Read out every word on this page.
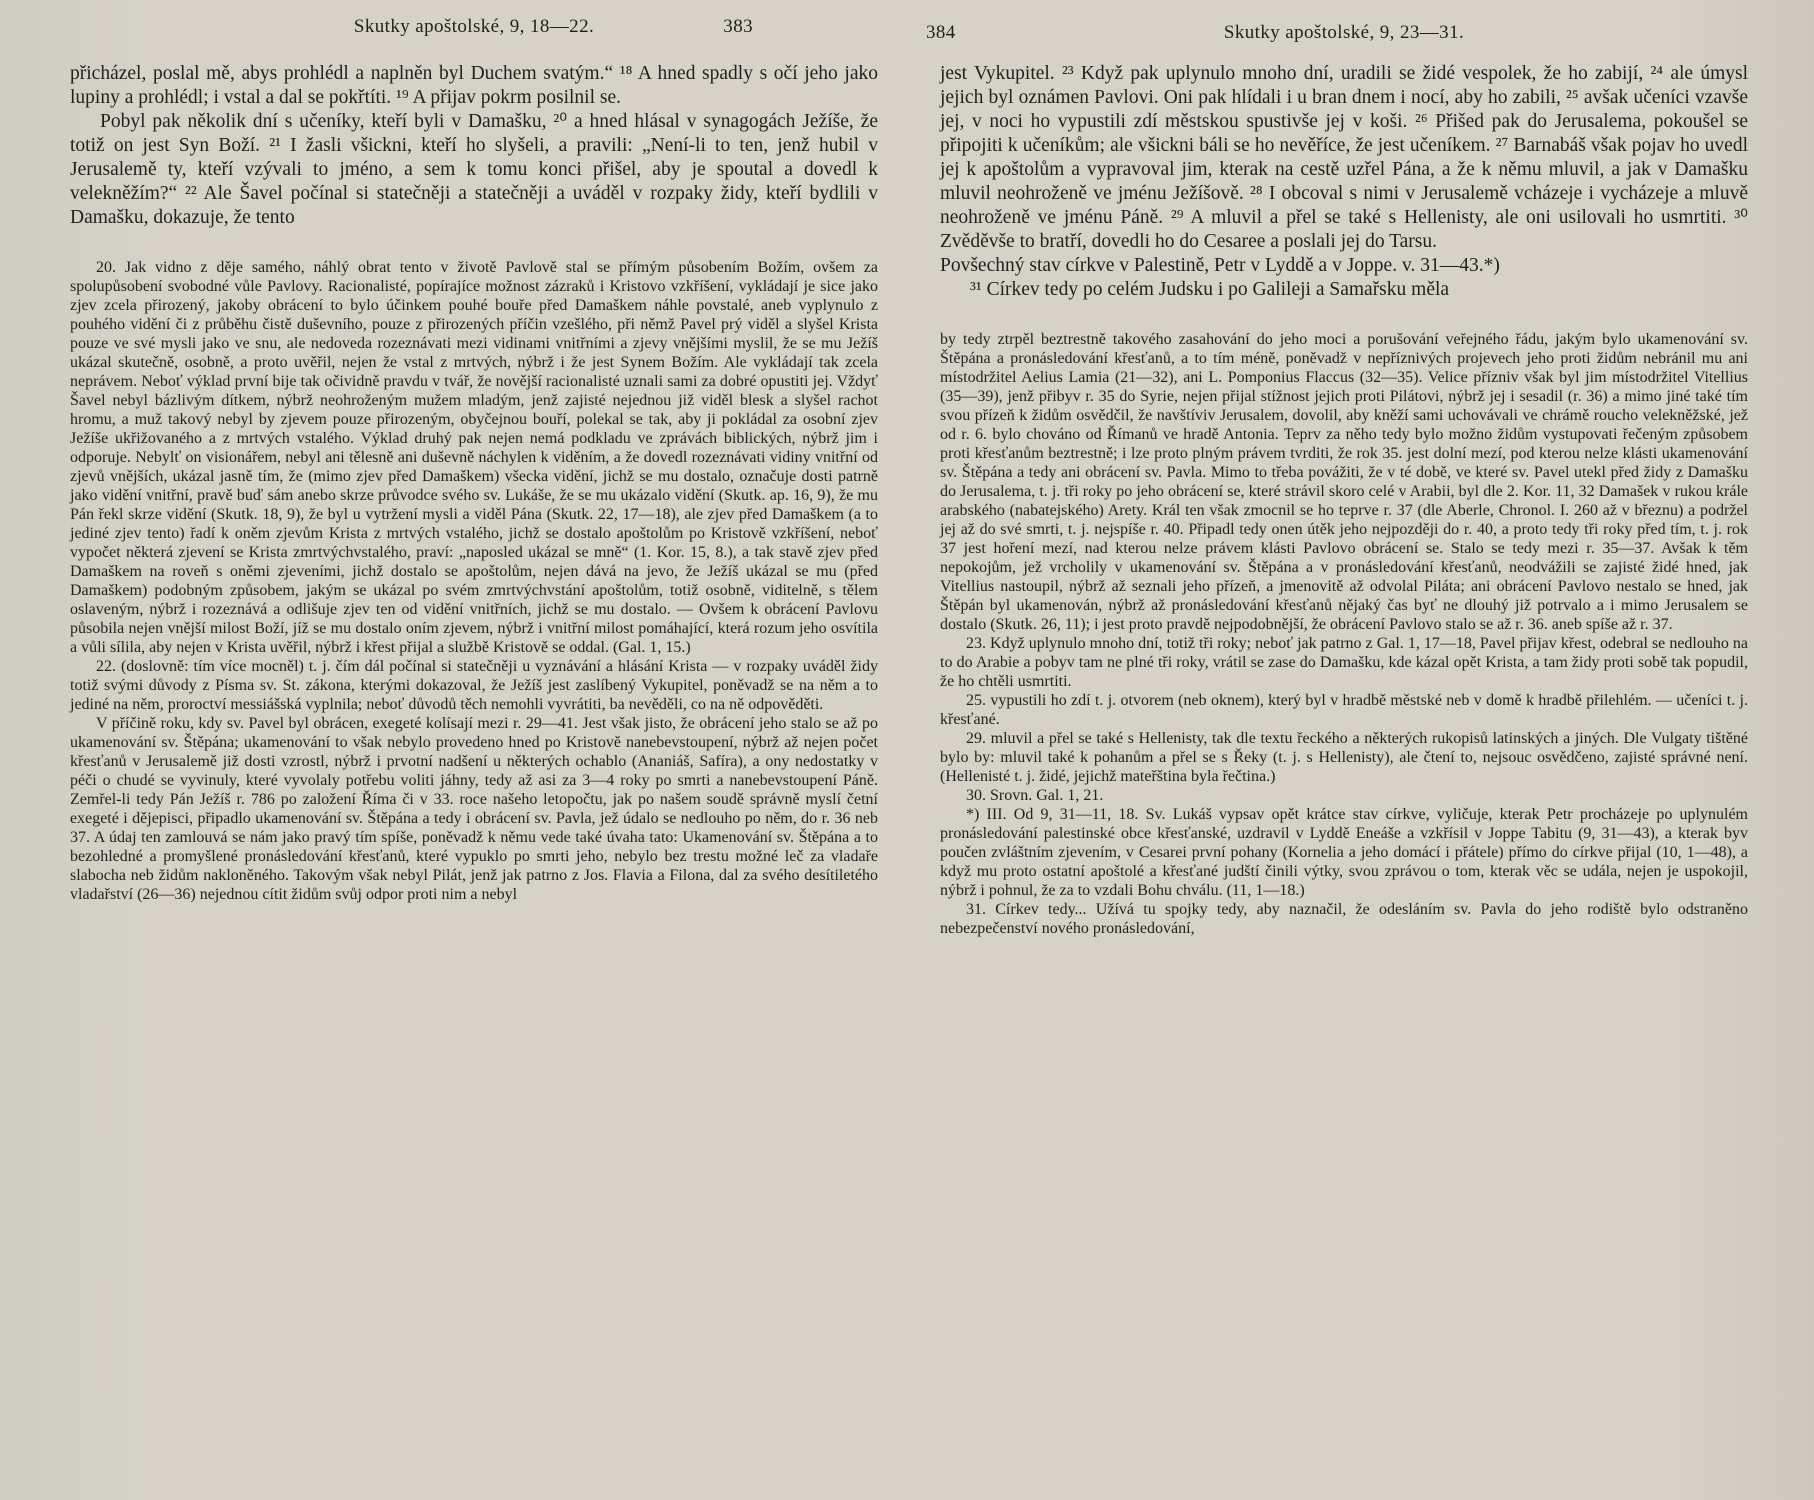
Skutky apoštolské, 9, 18—22.	383

přicházel, poslal mě, abys prohlédl a naplněn byl Duchem svatým.“ ¹⁸ A hned spadly s očí jeho jako lupiny a prohlédl; i vstal a dal se pokřtíti. ¹⁹ A přijav pokrm posilnil se.

Pobyl pak několik dní s učeníky, kteří byli v Damašku, ²⁰ a hned hlásal v synagogách Ježíše, že totiž on jest Syn Boží. ²¹ I žasli všickni, kteří ho slyšeli, a pravili: „Není-li to ten, jenž hubil v Jerusalemě ty, kteří vzývali to jméno, a sem k tomu konci přišel, aby je spoutal a dovedl k velekněžím?“ ²² Ale Šavel počínal si statečněji a statečněji a uváděl v rozpaky židy, kteří bydlili v Damašku, dokazuje, že tento

20. Jak vidno z děje samého, náhlý obrat tento v životě Pavlově stal se přímým působením Božím, ovšem za spolupůsobení svobodné vůle Pavlovy. Racionalisté, popírajíce možnost zázraků i Kristovo vzkříšení, vykládají je sice jako zjev zcela přirozený, jakoby obrácení to bylo účinkem pouhé bouře před Damaškem náhle povstalé, aneb vyplynulo z pouhého vidění či z průběhu čistě duševního, pouze z přirozených příčin vzešlého, při němž Pavel prý viděl a slyšel Krista pouze ve své mysli jako ve snu, ale nedoveda rozeznávati mezi vidinami vnitřními a zjevy vnějšími myslil, že se mu Ježíš ukázal skutečně, osobně, a proto uvěřil, nejen že vstal z mrtvých, nýbrž i že jest Synem Božím. Ale vykládají tak zcela neprávem. Neboť výklad první bije tak očividně pravdu v tvář, že novější racionalisté uznali sami za dobré opustiti jej. Vždyť Šavel nebyl bázlivým dítkem, nýbrž neohroženým mužem mladým, jenž zajisté nejednou již viděl blesk a slyšel rachot hromu, a muž takový nebyl by zjevem pouze přirozeným, obyčejnou bouří, polekal se tak, aby ji pokládal za osobní zjev Ježíše ukřižovaného a z mrtvých vstalého. Výklad druhý pak nejen nemá podkladu ve zprávách biblických, nýbrž jim i odporuje. Nebylť on visionářem, nebyl ani tělesně ani duševně náchylen k viděním, a že dovedl rozeznávati vidiny vnitřní od zjevů vnějších, ukázal jasně tím, že (mimo zjev před Damaškem) všecka vidění, jichž se mu dostalo, označuje dosti patrně jako vidění vnitřní, pravě buď sám anebo skrze průvodce svého sv. Lukáše, že se mu ukázalo vidění (Skutk. ap. 16, 9), že mu Pán řekl skrze vidění (Skutk. 18, 9), že byl u vytržení mysli a viděl Pána (Skutk. 22, 17—18), ale zjev před Damaškem (a to jediné zjev tento) řadí k oněm zjevům Krista z mrtvých vstalého, jichž se dostalo apoštolům po Kristově vzkříšení, neboť vypočet některá zjevení se Krista zmrtvýchvstalého, praví: „naposled ukázal se mně“ (1. Kor. 15, 8.), a tak stavě zjev před Damaškem na roveň s oněmi zjeveními, jichž dostalo se apoštolům, nejen dává na jevo, že Ježíš ukázal se mu (před Damaškem) podobným způsobem, jakým se ukázal po svém zmrtvýchvstání apoštolům, totiž osobně, viditelně, s tělem oslaveným, nýbrž i rozeznává a odlišuje zjev ten od vidění vnitřních, jichž se mu dostalo. — Ovšem k obrácení Pavlovu působila nejen vnější milost Boží, jíž se mu dostalo oním zjevem, nýbrž i vnitřní milost pomáhající, která rozum jeho osvítila a vůli sílila, aby nejen v Krista uvěřil, nýbrž i křest přijal a službě Kristově se oddal. (Gal. 1, 15.)

22. (doslovně: tím více mocněl) t. j. čím dál počínal si statečněji u vyznávání a hlásání Krista — v rozpaky uváděl židy totiž svými důvody z Písma sv. St. zákona, kterými dokazoval, že Ježíš jest zaslíbený Vykupitel, poněvadž se na něm a to jediné na něm, proroctví messiášská vyplnila; neboť důvodů těch nemohli vyvrátiti, ba nevěděli, co na ně odpověděti.

V příčině roku, kdy sv. Pavel byl obrácen, exegeté kolísají mezi r. 29—41. Jest však jisto, že obrácení jeho stalo se až po ukamenování sv. Štěpána; ukamenování to však nebylo provedeno hned po Kristově nanebevstoupení, nýbrž až nejen počet křesťanů v Jerusalemě již dosti vzrostl, nýbrž i prvotní nadšení u některých ochablo (Ananiáš, Safíra), a ony nedostatky v péči o chudé se vyvinuly, které vyvolaly potřebu voliti jáhny, tedy až asi za 3—4 roky po smrti a nanebevstoupení Páně. Zemřel-li tedy Pán Ježíš r. 786 po založení Říma či v 33. roce našeho letopočtu, jak po našem soudě správně myslí četní exegeté i dějepisci, připadlo ukamenování sv. Štěpána a tedy i obrácení sv. Pavla, jež údalo se nedlouho po něm, do r. 36 neb 37. A údaj ten zamlouvá se nám jako pravý tím spíše, poněvadž k němu vede také úvaha tato: Ukamenování sv. Štěpána a to bezohledné a promyšlené pronásledování křesťanů, které vypuklo po smrti jeho, nebylo bez trestu možné leč za vladaře slabocha neb židům nakloněného. Takovým však nebyl Pilát, jenž jak patrno z Jos. Flavia a Filona, dal za svého desítiletého vladařství (26—36) nejednou cítit židům svůj odpor proti nim a nebyl

384	Skutky apoštolské, 9, 23—31.

jest Vykupitel. ²³ Když pak uplynulo mnoho dní, uradili se židé vespolek, že ho zabijí, ²⁴ ale úmysl jejich byl oznámen Pavlovi. Oni pak hlídali i u bran dnem i nocí, aby ho zabili, ²⁵ avšak učeníci vzavše jej, v noci ho vypustili zdí městskou spustivše jej v koši. ²⁶ Přišed pak do Jerusalema, pokoušel se připojiti k učeníkům; ale všickni báli se ho nevěříce, že jest učeníkem. ²⁷ Barnabáš však pojav ho uvedl jej k apoštolům a vypravoval jim, kterak na cestě uzřel Pána, a že k němu mluvil, a jak v Damašku mluvil neohroženě ve jménu Ježíšově. ²⁸ I obcoval s nimi v Jerusalemě vcházeje i vycházeje a mluvě neohroženě ve jménu Páně. ²⁹ A mluvil a přel se také s Hellenisty, ale oni usilovali ho usmrtiti. ³⁰ Zvěděvše to bratří, dovedli ho do Cesaree a poslali jej do Tarsu.

Povšechný stav církve v Palestině, Petr v Lyddě a v Joppe. v. 31—43.*)

³¹ Církev tedy po celém Judsku i po Galileji a Samařsku měla

by tedy ztrpěl beztrestně takového zasahování do jeho moci a porušování veřejného řádu, jakým bylo ukamenování sv. Štěpána a pronásledování křesťanů, a to tím méně, poněvadž v nepříznivých projevech jeho proti židům nebránil mu ani místodržitel Aelius Lamia (21—32), ani L. Pomponius Flaccus (32—35). Velice přízniv však byl jim místodržitel Vitellius (35—39), jenž přibyv r. 35 do Syrie, nejen přijal stížnost jejich proti Pilátovi, nýbrž jej i sesadil (r. 36) a mimo jiné také tím svou přízeň k židům osvědčil, že navštíviv Jerusalem, dovolil, aby kněží sami uchovávali ve chrámě roucho velekněžské, jež od r. 6. bylo chováno od Římanů ve hradě Antonia. Teprv za něho tedy bylo možno židům vystupovati řečeným způsobem proti křesťanům beztrestně; i lze proto plným právem tvrditi, že rok 35. jest dolní mezí, pod kterou nelze klásti ukamenování sv. Štěpána a tedy ani obrácení sv. Pavla. Mimo to třeba povážiti, že v té době, ve které sv. Pavel utekl před židy z Damašku do Jerusalema, t. j. tři roky po jeho obrácení se, které strávil skoro celé v Arabii, byl dle 2. Kor. 11, 32 Damašek v rukou krále arabského (nabatejského) Arety. Král ten však zmocnil se ho teprve r. 37 (dle Aberle, Chronol. I. 260 až v březnu) a podržel jej až do své smrti, t. j. nejspíše r. 40. Připadl tedy onen útěk jeho nejpozději do r. 40, a proto tedy tři roky před tím, t. j. rok 37 jest hoření mezí, nad kterou nelze právem klásti Pavlovo obrácení se. Stalo se tedy mezi r. 35—37. Avšak k těm nepokojům, jež vrcholily v ukamenování sv. Štěpána a v pronásledování křesťanů, neodvážili se zajisté židé hned, jak Vitellius nastoupil, nýbrž až seznali jeho přízeň, a jmenovitě až odvolal Piláta; ani obrácení Pavlovo nestalo se hned, jak Štěpán byl ukamenován, nýbrž až pronásledování křesťanů nějaký čas byť ne dlouhý již potrvalo a i mimo Jerusalem se dostalo (Skutk. 26, 11); i jest proto pravdě nejpodobnější, že obrácení Pavlovo stalo se až r. 36. aneb spíše až r. 37.

23. Když uplynulo mnoho dní, totiž tři roky; neboť jak patrno z Gal. 1, 17—18, Pavel přijav křest, odebral se nedlouho na to do Arabie a pobyv tam ne plné tři roky, vrátil se zase do Damašku, kde kázal opět Krista, a tam židy proti sobě tak popudil, že ho chtěli usmrtiti.

25. vypustili ho zdí t. j. otvorem (neb oknem), který byl v hradbě městské neb v domě k hradbě přilehlém. — učeníci t. j. křesťané.

29. mluvil a přel se také s Hellenisty, tak dle textu řeckého a některých rukopisů latinských a jiných. Dle Vulgaty tištěné bylo by: mluvil také k pohanům a přel se s Řeky (t. j. s Hellenisty), ale čtení to, nejsouc osvědčeno, zajisté správné není. (Hellenisté t. j. židé, jejichž mateřština byla řečtina.)

30. Srovn. Gal. 1, 21.

*) III. Od 9, 31—11, 18. Sv. Lukáš vypsav opět krátce stav církve, vyličuje, kterak Petr procházeje po uplynulém pronásledování palestinské obce křesťanské, uzdravil v Lyddě Eneáše a vzkřísil v Joppe Tabitu (9, 31—43), a kterak byv poučen zvláštním zjevením, v Cesarei první pohany (Kornelia a jeho domácí i přátele) přímo do církve přijal (10, 1—48), a když mu proto ostatní apoštolé a křesťané judští činili výtky, svou zprávou o tom, kterak věc se udála, nejen je uspokojil, nýbrž i pohnul, že za to vzdali Bohu chválu. (11, 1—18.)

31. Církev tedy... Užívá tu spojky tedy, aby naznačil, že odesláním sv. Pavla do jeho rodiště bylo odstraněno nebezpečenství nového pronásledování,
